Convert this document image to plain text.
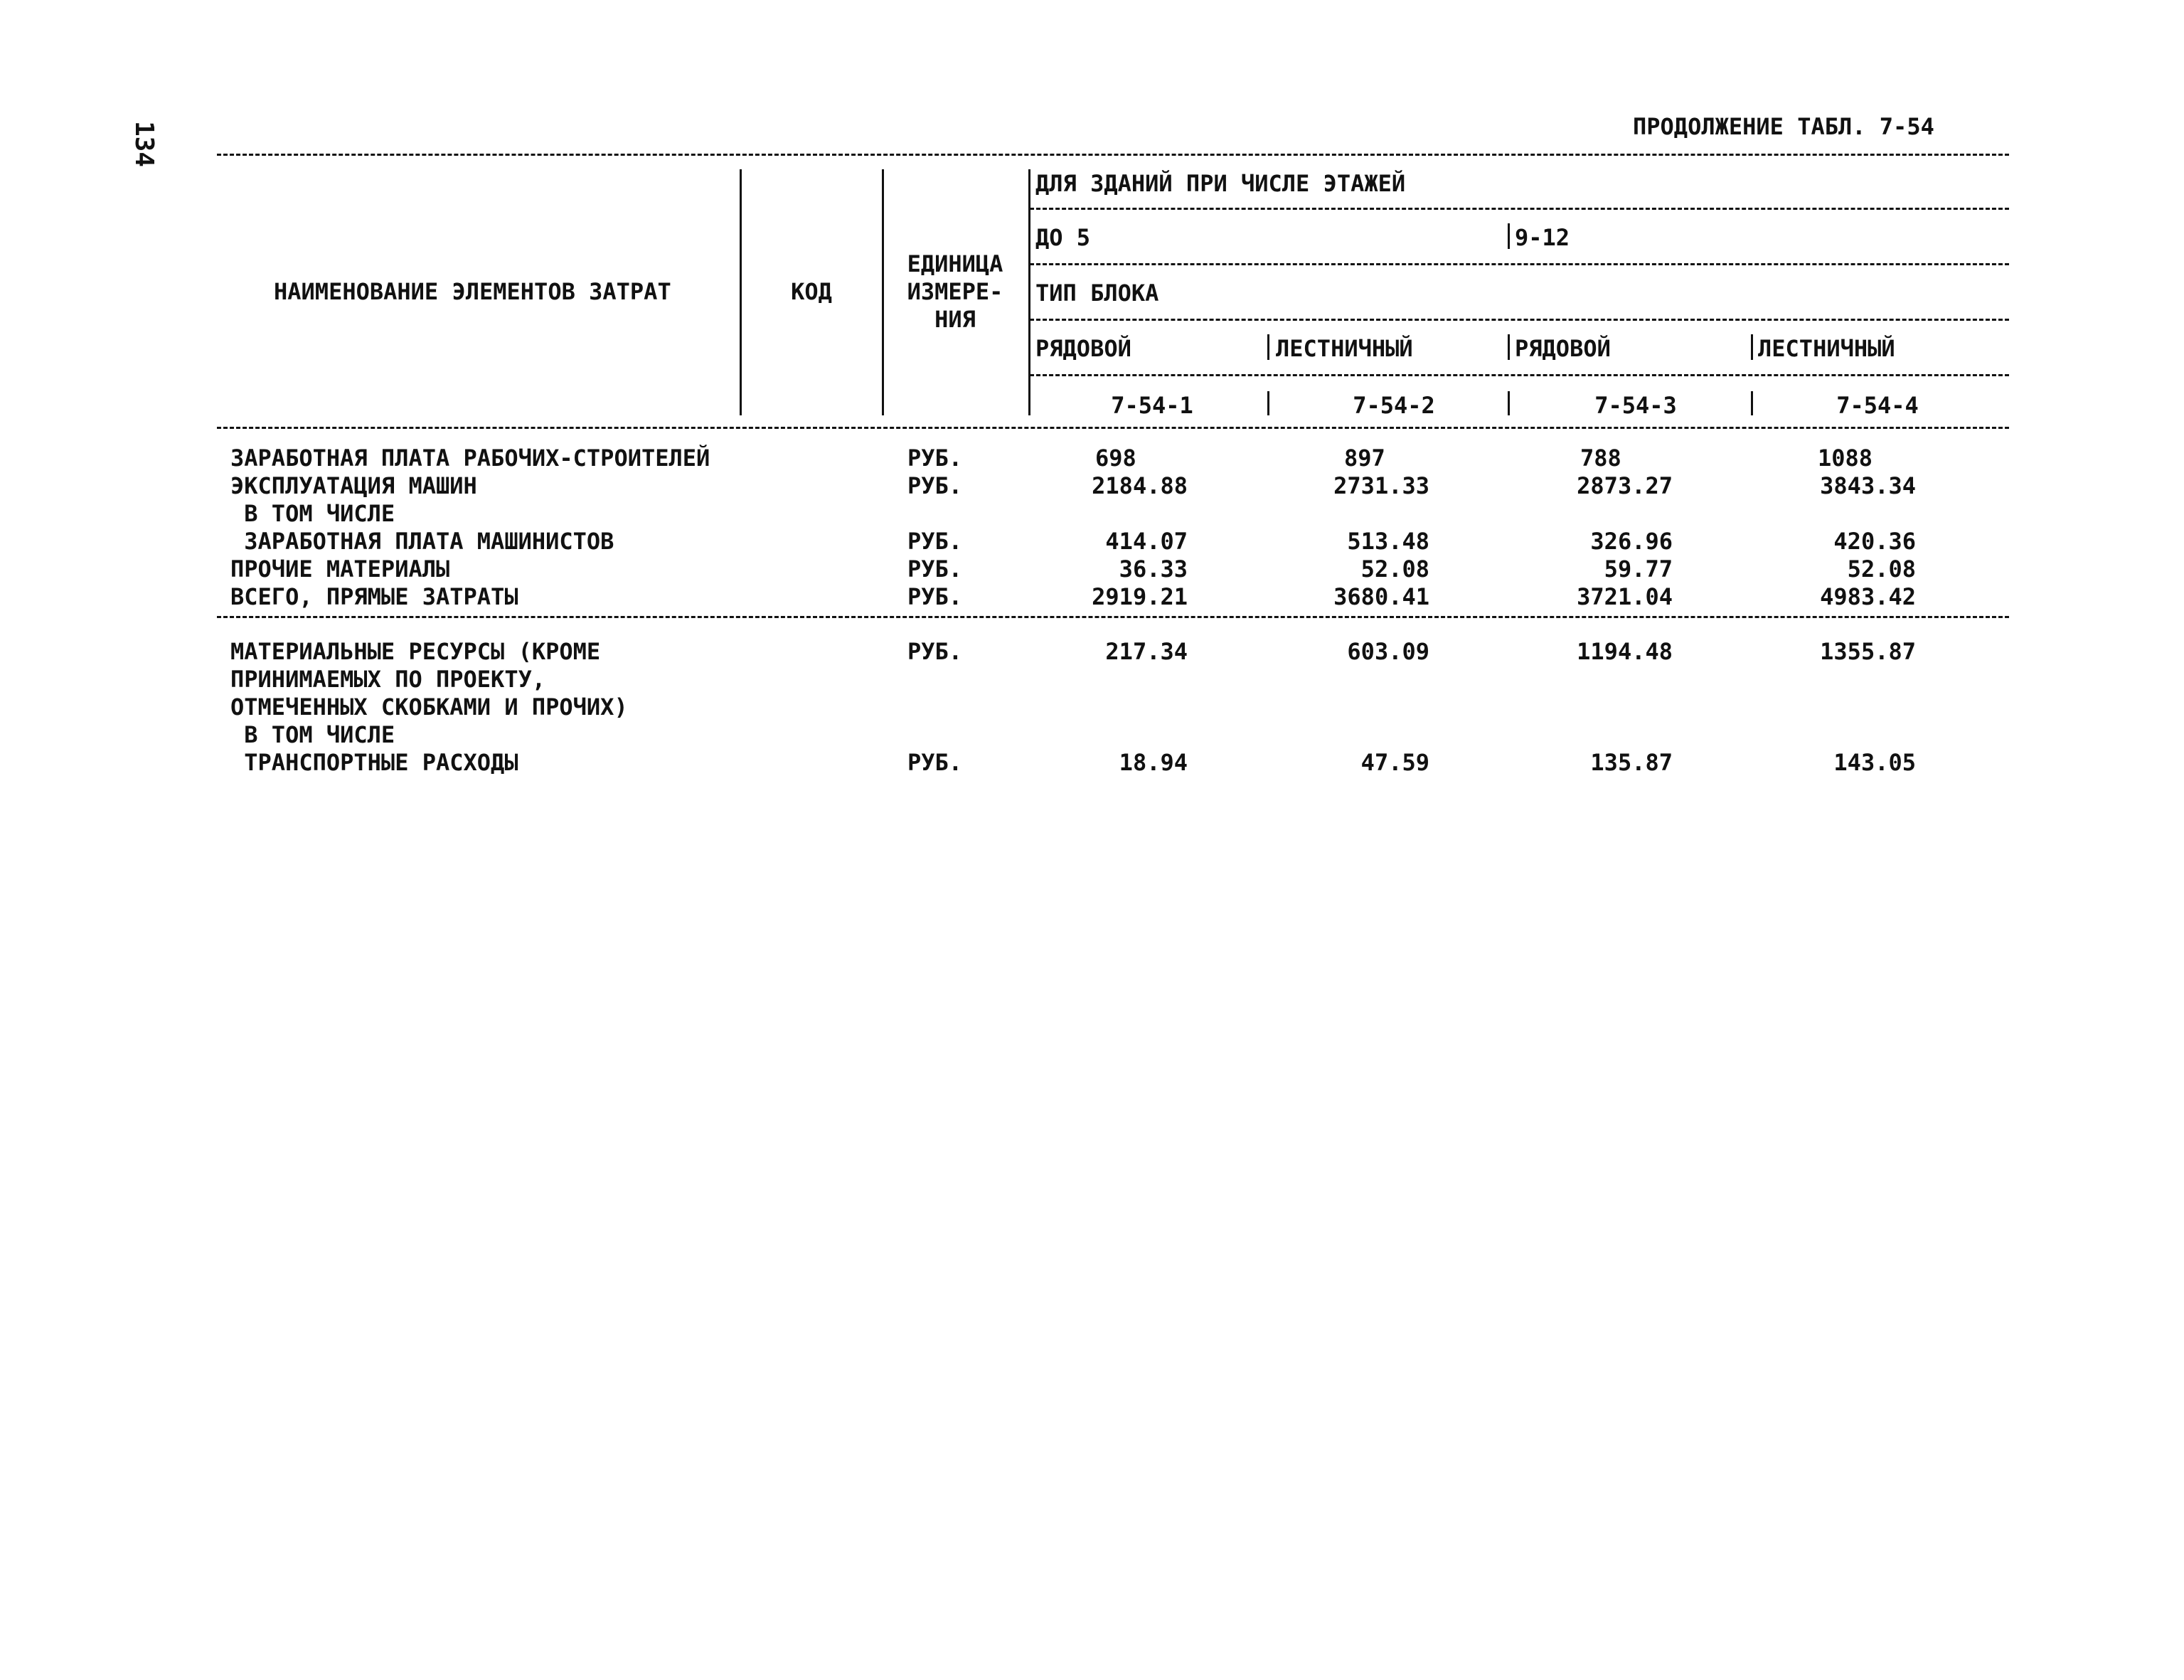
134	ПРОДОЛЖЕНИЕ ТАБЛ. 7-54
НАИМЕНОВАНИЕ ЭЛЕМЕНТОВ ЗАТРАТ	КОД
ЕДИНИЦА
ИЗМЕРЕ-
НИЯ
ДЛЯ ЗДАНИЙ ПРИ ЧИСЛЕ ЭТАЖЕЙ
ДО 5	9-12
ТИП БЛОКА
РЯДОВОЙ	ЛЕСТНИЧНЫЙ	РЯДОВОЙ	ЛЕСТНИЧНЫЙ
7-54-1	7-54-2	7-54-3	7-54-4
ЗАРАБОТНАЯ ПЛАТА РАБОЧИХ-СТРОИТЕЛЕЙ	РУБ.	698	897	788	1088
ЭКСПЛУАТАЦИЯ МАШИН	РУБ.	2184.88	2731.33	2873.27	3843.34
В ТОМ ЧИСЛЕ
ЗАРАБОТНАЯ ПЛАТА МАШИНИСТОВ	РУБ.	414.07	513.48	326.96	420.36
ПРОЧИЕ МАТЕРИАЛЫ	РУБ.	36.33	52.08	59.77	52.08
ВСЕГО, ПРЯМЫЕ ЗАТРАТЫ	РУБ.	2919.21	3680.41	3721.04	4983.42
МАТЕРИАЛЬНЫЕ РЕСУРСЫ (КРОМЕ	РУБ.	217.34	603.09	1194.48	1355.87
ПРИНИМАЕМЫХ ПО ПРОЕКТУ,
ОТМЕЧЕННЫХ СКОБКАМИ И ПРОЧИХ)
В ТОМ ЧИСЛЕ
ТРАНСПОРТНЫЕ РАСХОДЫ	РУБ.	18.94	47.59	135.87	143.05
